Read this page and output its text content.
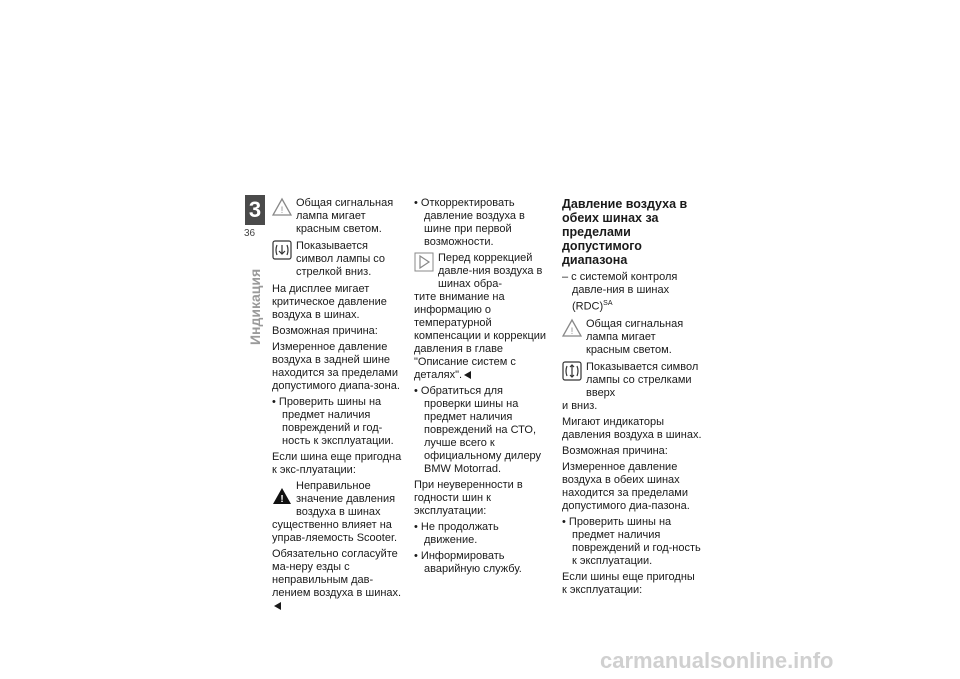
3
36
Индикация
!
Общая сигнальная лампа мигает красным светом.
Показывается символ лампы со стрелкой вниз.

На дисплее мигает критическое давление воздуха в шинах.

Возможная причина:

Измеренное давление воздуха в задней шине находится за пределами допустимого диапа-зона.

• Проверить шины на предмет наличия повреждений и год-ность к эксплуатации.

Если шина еще пригодна к экс-плуатации:

!
Неправильное значение давления воздуха в шинах

существенно влияет на управ-ляемость Scooter.

Обязательно согласуйте ма-неру езды с неправильным дав-лением воздуха в шинах.

• Откорректировать давление воздуха в шине при первой возможности.

Перед коррекцией давле-ния воздуха в шинах обра-

тите внимание на информацию о температурной компенсации и коррекции давления в главе "Описание систем с деталях".

• Обратиться для проверки шины на предмет наличия повреждений на СТО, лучше всего к официальному дилеру BMW Motorrad.

При неуверенности в годности шин к эксплуатации:

• Не продолжать движение.

• Информировать аварийную службу.

Давление воздуха в обеих шинах за пределами допустимого диапазона

– с системой контроля давле-ния в шинах (RDC)$^{SA}$

!
Общая сигнальная лампа мигает красным светом.
Показывается символ лампы со стрелками вверх

и вниз.

Мигают индикаторы давления воздуха в шинах.

Возможная причина:

Измеренное давление воздуха в обеих шинах находится за пределами допустимого диа-пазона.

• Проверить шины на предмет наличия повреждений и год-ность к эксплуатации.

Если шины еще пригодны к эксплуатации:

carmanualsonline.info
